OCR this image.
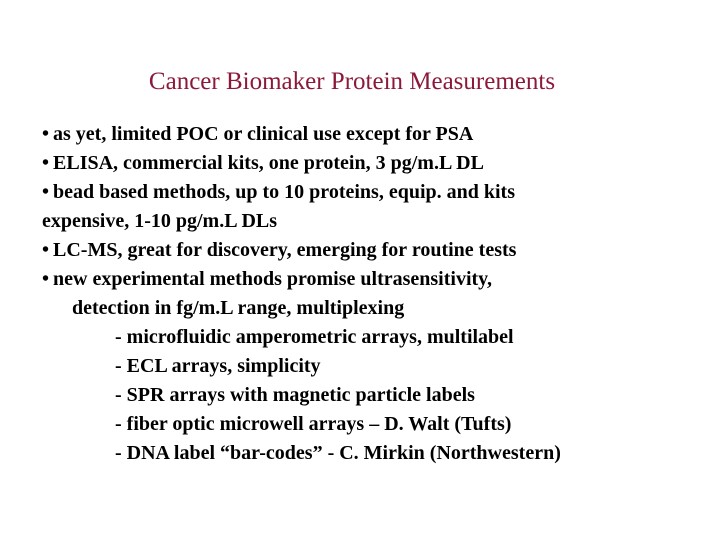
Cancer Biomaker Protein Measurements
• as yet, limited POC or clinical use except for PSA
• ELISA, commercial kits, one protein, 3 pg/m.L DL
• bead based methods, up to 10 proteins, equip. and kits
expensive, 1-10 pg/m.L DLs
• LC-MS, great for discovery, emerging for routine tests
• new experimental methods promise ultrasensitivity,
detection in fg/m.L range, multiplexing
- microfluidic amperometric arrays, multilabel
- ECL arrays, simplicity
- SPR arrays with magnetic particle labels
- fiber optic microwell arrays – D. Walt (Tufts)
- DNA label “bar-codes” - C. Mirkin (Northwestern)
